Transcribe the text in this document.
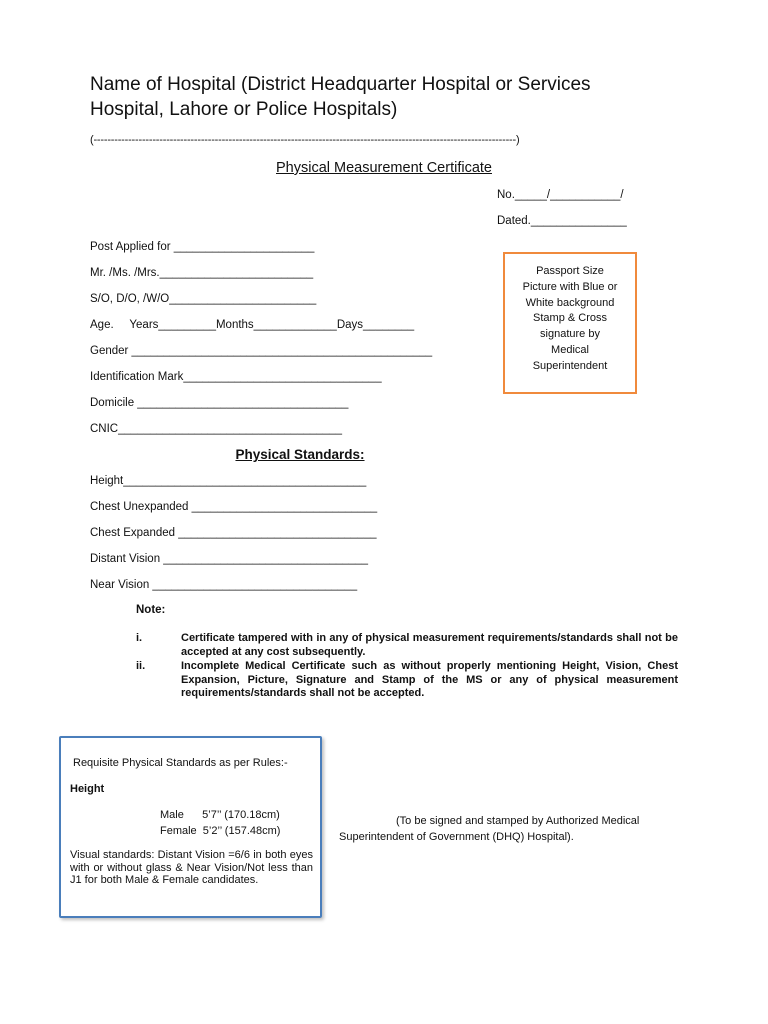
Name of Hospital (District Headquarter Hospital or Services Hospital, Lahore or Police Hospitals)
(--------------------------------------------------------------------------------------------------------------------------)
Physical Measurement Certificate
No._____/___________/
Dated._______________
Post Applied for ______________________
Mr. /Ms. /Mrs.________________________
S/O, D/O, /W/O_______________________
Age.     Years_________Months_____________Days________
Gender _______________________________________________
Identification Mark_______________________________
Domicile _________________________________
CNIC___________________________________
Passport Size
Picture with Blue or
White background
Stamp & Cross
signature by
Medical
Superintendent
Physical Standards:
Height______________________________________
Chest Unexpanded _____________________________
Chest Expanded _______________________________
Distant Vision ________________________________
Near Vision ________________________________
Note:
i.	Certificate tampered with in any of physical measurement requirements/standards shall not be accepted at any cost subsequently.
ii.	Incomplete Medical Certificate such as without properly mentioning Height, Vision, Chest Expansion, Picture, Signature and Stamp of the MS or any of physical measurement requirements/standards shall not be accepted.
Requisite Physical Standards as per Rules:-
Height
Male      5’7’’ (170.18cm)
Female  5’2’’ (157.48cm)
Visual standards: Distant Vision =6/6 in both eyes with or without glass & Near Vision/Not less than J1 for both Male & Female candidates.
(To be signed and stamped by Authorized Medical Superintendent of Government (DHQ) Hospital).
